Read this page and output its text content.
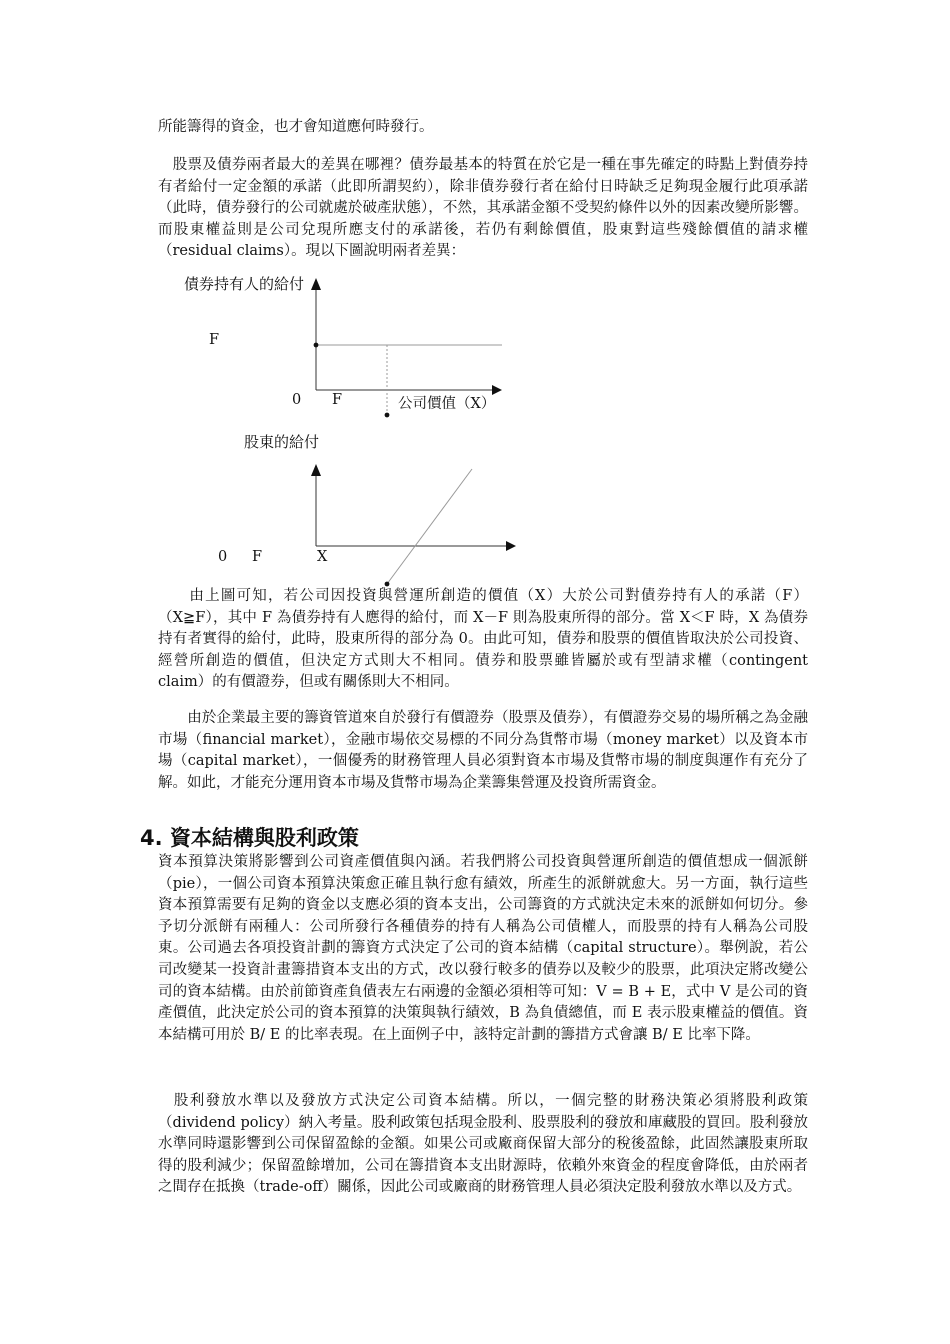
所能籌得的資金，也才會知道應何時發行。

　股票及債券兩者最大的差異在哪裡？債券最基本的特質在於它是一種在事先確定的時點上對債券持有者給付一定金額的承諾（此即所謂契約），除非債券發行者在給付日時缺乏足夠現金履行此項承諾（此時，債券發行的公司就處於破產狀態），不然，其承諾金額不受契約條件以外的因素改變所影響。而股東權益則是公司兌現所應支付的承諾後，若仍有剩餘價值，股東對這些殘餘價值的請求權（residual claims）。現以下圖說明兩者差異：

債券持有人的給付

F

0 F	公司價值（X）

股東的給付

0 F	X

　　由上圖可知，若公司因投資與營運所創造的價值（X）大於公司對債券持有人的承諾（F）（X≧F），其中 F 為債券持有人應得的給付，而 X－F 則為股東所得的部分。當 X＜F 時，X 為債券持有者實得的給付，此時，股東所得的部分為 0。由此可知，債券和股票的價值皆取決於公司投資、經營所創造的價值，但決定方式則大不相同。債券和股票雖皆屬於或有型請求權（contingent claim）的有價證券，但或有關係則大不相同。

　　由於企業最主要的籌資管道來自於發行有價證券（股票及債券），有價證券交易的場所稱之為金融市場（financial market），金融市場依交易標的不同分為貨幣市場（money market）以及資本市場（capital market），一個優秀的財務管理人員必須對資本市場及貨幣市場的制度與運作有充分了解。如此，才能充分運用資本市場及貨幣市場為企業籌集營運及投資所需資金。

4. 資本結構與股利政策

資本預算決策將影響到公司資產價值與內涵。若我們將公司投資與營運所創造的價值想成一個派餅（pie），一個公司資本預算決策愈正確且執行愈有績效，所產生的派餅就愈大。另一方面，執行這些資本預算需要有足夠的資金以支應必須的資本支出，公司籌資的方式就決定未來的派餅如何切分。參予切分派餅有兩種人：公司所發行各種債券的持有人稱為公司債權人，而股票的持有人稱為公司股東。公司過去各項投資計劃的籌資方式決定了公司的資本結構（capital structure）。舉例說，若公司改變某一投資計畫籌措資本支出的方式，改以發行較多的債券以及較少的股票，此項決定將改變公司的資本結構。由於前節資產負債表左右兩邊的金額必須相等可知：V = B + E，式中 V 是公司的資產價值，此決定於公司的資本預算的決策與執行績效，B 為負債總值，而 E 表示股東權益的價值。資本結構可用於 B/ E 的比率表現。在上面例子中，該特定計劃的籌措方式會讓 B/ E 比率下降。

　股利發放水準以及發放方式決定公司資本結構。所以，一個完整的財務決策必須將股利政策（dividend policy）納入考量。股利政策包括現金股利、股票股利的發放和庫藏股的買回。股利發放水準同時還影響到公司保留盈餘的金額。如果公司或廠商保留大部分的稅後盈餘，此固然讓股東所取得的股利減少；保留盈餘增加，公司在籌措資本支出財源時，依賴外來資金的程度會降低，由於兩者之間存在抵換（trade-off）關係，因此公司或廠商的財務管理人員必須決定股利發放水準以及方式。
